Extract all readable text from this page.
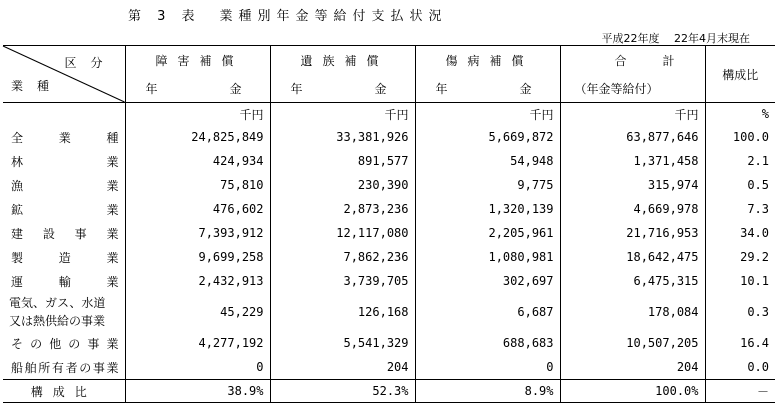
第 3 表　業種別年金等給付支払状況
平成22年度　 22年4月末現在
区分
業種	障害補償	遺族補償	傷病補償	合　　計	構成比

	年 金	年 金	年 金	（年金等給付）	

	千円	千円	千円	千円	%
全業種	24,825,849	33,381,926	5,669,872	63,877,646	100.0
林業	424,934	891,577	54,948	1,371,458	2.1
漁業	75,810	230,390	9,775	315,974	0.5
鉱業	476,602	2,873,236	1,320,139	4,669,978	7.3
建設事業	7,393,912	12,117,080	2,205,961	21,716,953	34.0
製造業	9,699,258	7,862,236	1,080,981	18,642,475	29.2
運輸業	2,432,913	3,739,705	302,697	6,475,315	10.1

電気、ガス、水道
又は熱供給の事業	45,229	126,168	6,687	178,084	0.3
その他の事業	4,277,192	5,541,329	688,683	10,507,205	16.4
船舶所有者の事業	0	204	0	204	0.0
構成比	38.9%	52.3%	8.9%	100.0%	－
